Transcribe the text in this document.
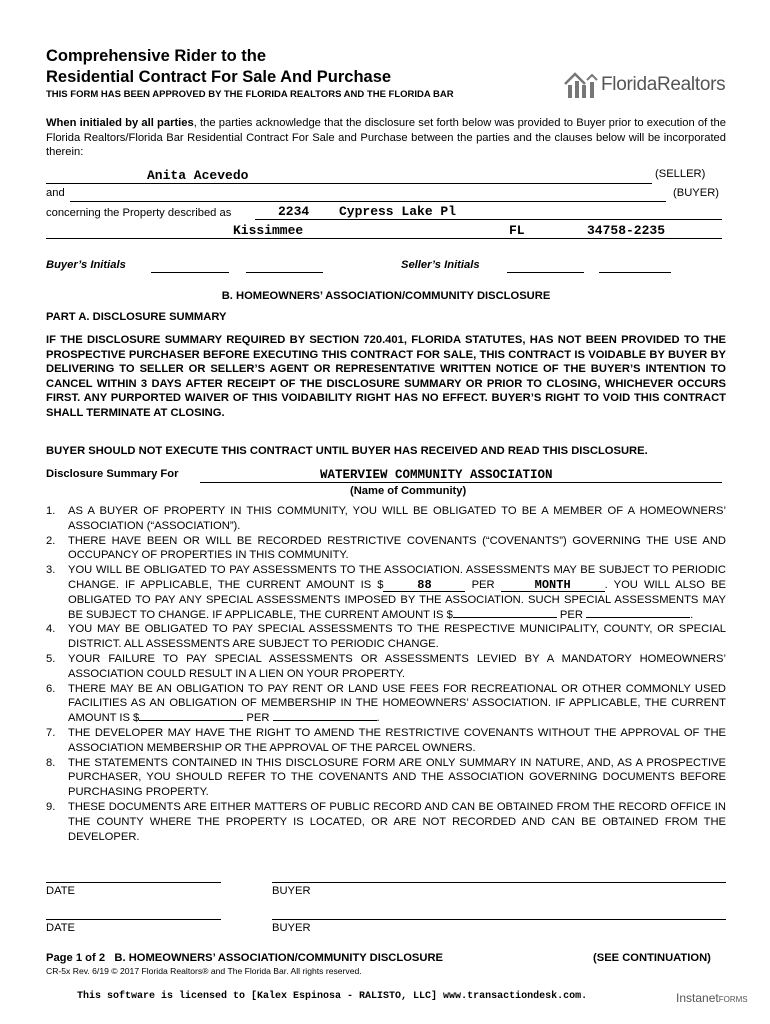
Comprehensive Rider to the
Residential Contract For Sale And Purchase
THIS FORM HAS BEEN APPROVED BY THE FLORIDA REALTORS AND THE FLORIDA BAR	FloridaRealtors
When initialed by all parties, the parties acknowledge that the disclosure set forth below was provided to Buyer prior to execution of the Florida Realtors/Florida Bar Residential Contract For Sale and Purchase between the parties and the clauses below will be incorporated therein:
Anita Acevedo	(SELLER)
and	(BUYER)
concerning the Property described as	2234 Cypress Lake Pl
Kissimmee	FL	34758-2235
Buyer’s Initials	Seller’s Initials
B. HOMEOWNERS’ ASSOCIATION/COMMUNITY DISCLOSURE
PART A. DISCLOSURE SUMMARY
IF THE DISCLOSURE SUMMARY REQUIRED BY SECTION 720.401, FLORIDA STATUTES, HAS NOT BEEN PROVIDED TO THE PROSPECTIVE PURCHASER BEFORE EXECUTING THIS CONTRACT FOR SALE, THIS CONTRACT IS VOIDABLE BY BUYER BY DELIVERING TO SELLER OR SELLER’S AGENT OR REPRESENTATIVE WRITTEN NOTICE OF THE BUYER’S INTENTION TO CANCEL WITHIN 3 DAYS AFTER RECEIPT OF THE DISCLOSURE SUMMARY OR PRIOR TO CLOSING, WHICHEVER OCCURS FIRST. ANY PURPORTED WAIVER OF THIS VOIDABILITY RIGHT HAS NO EFFECT. BUYER’S RIGHT TO VOID THIS CONTRACT SHALL TERMINATE AT CLOSING.
BUYER SHOULD NOT EXECUTE THIS CONTRACT UNTIL BUYER HAS RECEIVED AND READ THIS DISCLOSURE.
Disclosure Summary For	WATERVIEW COMMUNITY ASSOCIATION
(Name of Community)
1. AS A BUYER OF PROPERTY IN THIS COMMUNITY, YOU WILL BE OBLIGATED TO BE A MEMBER OF A HOMEOWNERS’ ASSOCIATION (“ASSOCIATION”).
2. THERE HAVE BEEN OR WILL BE RECORDED RESTRICTIVE COVENANTS (“COVENANTS”) GOVERNING THE USE AND OCCUPANCY OF PROPERTIES IN THIS COMMUNITY.
3. YOU WILL BE OBLIGATED TO PAY ASSESSMENTS TO THE ASSOCIATION. ASSESSMENTS MAY BE SUBJECT TO PERIODIC CHANGE. IF APPLICABLE, THE CURRENT AMOUNT IS $	88	PER	MONTH	. YOU WILL ALSO BE OBLIGATED TO PAY ANY SPECIAL ASSESSMENTS IMPOSED BY THE ASSOCIATION. SUCH SPECIAL ASSESSMENTS MAY BE SUBJECT TO CHANGE. IF APPLICABLE, THE CURRENT AMOUNT IS $	PER	.
4. YOU MAY BE OBLIGATED TO PAY SPECIAL ASSESSMENTS TO THE RESPECTIVE MUNICIPALITY, COUNTY, OR SPECIAL DISTRICT. ALL ASSESSMENTS ARE SUBJECT TO PERIODIC CHANGE.
5. YOUR FAILURE TO PAY SPECIAL ASSESSMENTS OR ASSESSMENTS LEVIED BY A MANDATORY HOMEOWNERS’ ASSOCIATION COULD RESULT IN A LIEN ON YOUR PROPERTY.
6. THERE MAY BE AN OBLIGATION TO PAY RENT OR LAND USE FEES FOR RECREATIONAL OR OTHER COMMONLY USED FACILITIES AS AN OBLIGATION OF MEMBERSHIP IN THE HOMEOWNERS’ ASSOCIATION. IF APPLICABLE, THE CURRENT AMOUNT IS $	PER	.
7. THE DEVELOPER MAY HAVE THE RIGHT TO AMEND THE RESTRICTIVE COVENANTS WITHOUT THE APPROVAL OF THE ASSOCIATION MEMBERSHIP OR THE APPROVAL OF THE PARCEL OWNERS.
8. THE STATEMENTS CONTAINED IN THIS DISCLOSURE FORM ARE ONLY SUMMARY IN NATURE, AND, AS A PROSPECTIVE PURCHASER, YOU SHOULD REFER TO THE COVENANTS AND THE ASSOCIATION GOVERNING DOCUMENTS BEFORE PURCHASING PROPERTY.
9. THESE DOCUMENTS ARE EITHER MATTERS OF PUBLIC RECORD AND CAN BE OBTAINED FROM THE RECORD OFFICE IN THE COUNTY WHERE THE PROPERTY IS LOCATED, OR ARE NOT RECORDED AND CAN BE OBTAINED FROM THE DEVELOPER.
DATE	BUYER
DATE	BUYER
Page 1 of 2 B. HOMEOWNERS’ ASSOCIATION/COMMUNITY DISCLOSURE	(SEE CONTINUATION)
CR-5x Rev. 6/19 © 2017 Florida Realtors® and The Florida Bar. All rights reserved.
This software is licensed to [Kalex Espinosa - RALISTO, LLC] www.transactiondesk.com.	InstanetFORMS
